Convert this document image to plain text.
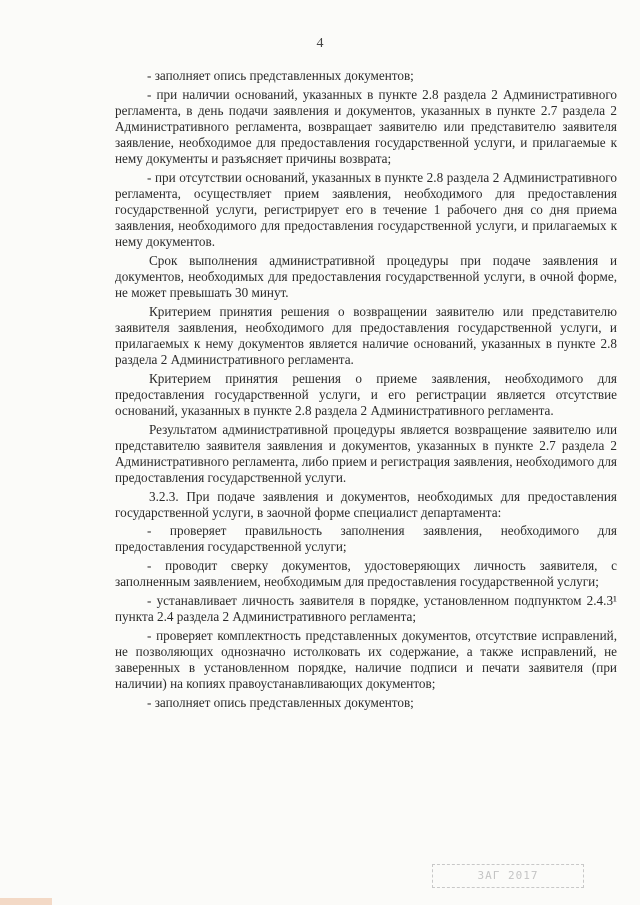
4

- заполняет опись представленных документов;

- при наличии оснований, указанных в пункте 2.8 раздела 2 Административного регламента, в день подачи заявления и документов, указанных в пункте 2.7 раздела 2 Административного регламента, возвращает заявителю или представителю заявителя заявление, необходимое для предоставления государственной услуги, и прилагаемые к нему документы и разъясняет причины возврата;

- при отсутствии оснований, указанных в пункте 2.8 раздела 2 Административного регламента, осуществляет прием заявления, необходимого для предоставления государственной услуги, регистрирует его в течение 1 рабочего дня со дня приема заявления, необходимого для предоставления государственной услуги, и прилагаемых к нему документов.

Срок выполнения административной процедуры при подаче заявления и документов, необходимых для предоставления государственной услуги, в очной форме, не может превышать 30 минут.

Критерием принятия решения о возвращении заявителю или представителю заявителя заявления, необходимого для предоставления государственной услуги, и прилагаемых к нему документов является наличие оснований, указанных в пункте 2.8 раздела 2 Административного регламента.

Критерием принятия решения о приеме заявления, необходимого для предоставления государственной услуги, и его регистрации является отсутствие оснований, указанных в пункте 2.8 раздела 2 Административного регламента.

Результатом административной процедуры является возвращение заявителю или представителю заявителя заявления и документов, указанных в пункте 2.7 раздела 2 Административного регламента, либо прием и регистрация заявления, необходимого для предоставления государственной услуги.

3.2.3. При подаче заявления и документов, необходимых для предоставления государственной услуги, в заочной форме специалист департамента:

- проверяет правильность заполнения заявления, необходимого для предоставления государственной услуги;

- проводит сверку документов, удостоверяющих личность заявителя, с заполненным заявлением, необходимым для предоставления государственной услуги;

- устанавливает личность заявителя в порядке, установленном подпунктом 2.4.3¹ пункта 2.4 раздела 2 Административного регламента;

- проверяет комплектность представленных документов, отсутствие исправлений, не позволяющих однозначно истолковать их содержание, а также исправлений, не заверенных в установленном порядке, наличие подписи и печати заявителя (при наличии) на копиях правоустанавливающих документов;

- заполняет опись представленных документов;

ЗАГ 2017
